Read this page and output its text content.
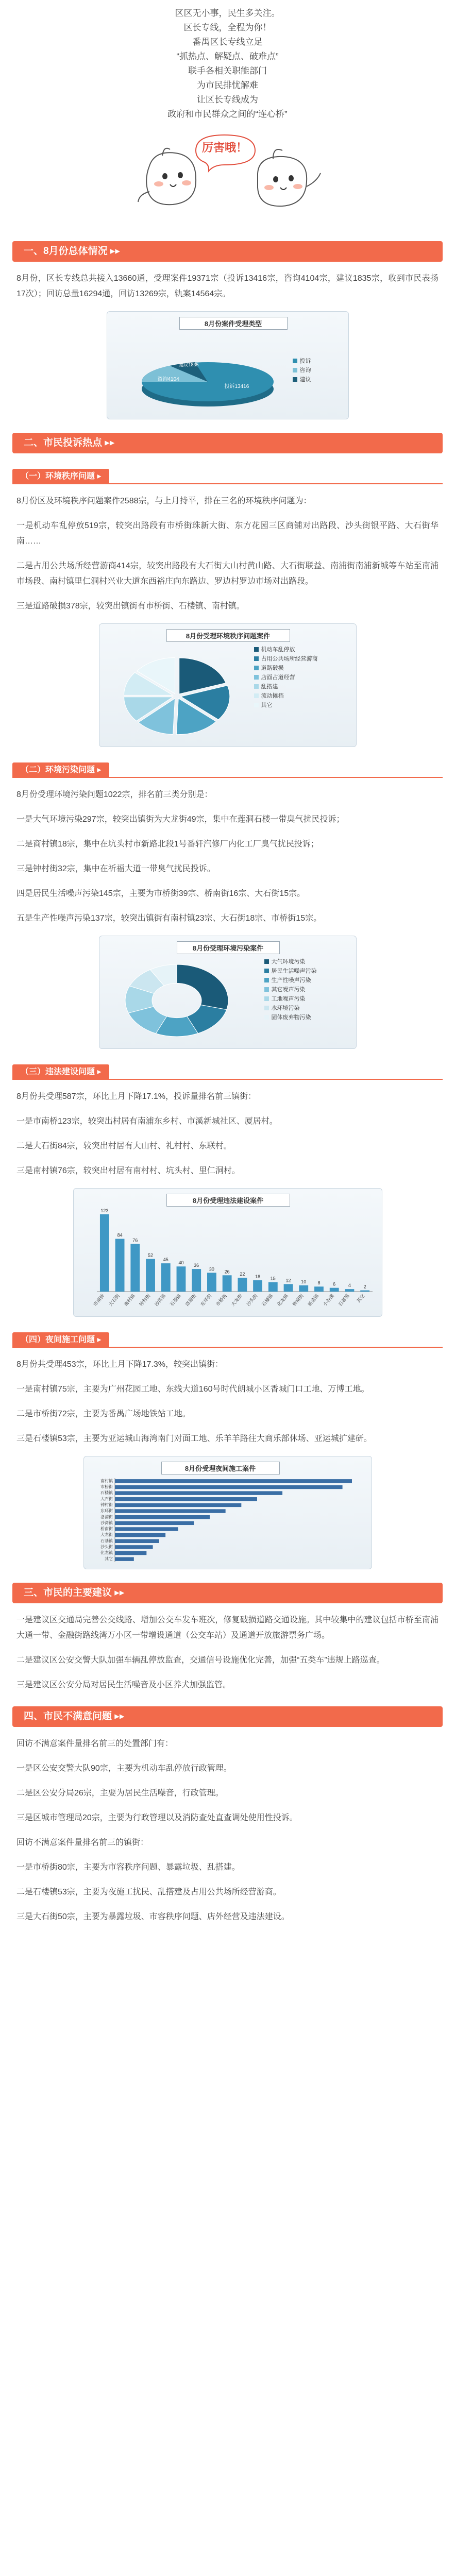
区区无小事，民生多关注。

区长专线，全程为你！

番禺区长专线立足

“抓热点、解疑点、破难点”

联手各相关职能部门

为市民排忧解难

让区长专线成为

政府和市民群众之间的“连心桥”

厉害哦！
一、8月份总体情况 ▸▸

8月份，区长专线总共接入13660通，受理案件19371宗（投诉13416宗，咨询4104宗，建议1835宗，收到市民表扬17次）；回访总量16294通，回访13269宗，轨案14564宗。

8月份案件受理类型
咨询4104
投诉13416
建议1835
投诉
咨询
建议
二、市民投诉热点 ▸▸
（一）环境秩序问题 ▸

8月份区及环境秩序问题案件2588宗，与上月持平，排在三名的环境秩序问题为：

一是机动车乱停放519宗，较突出路段有市桥街珠新大街、东方花园三区商铺对出路段、沙头街银平路、大石街华南……

二是占用公共场所经营游商414宗，较突出路段有大石街大山村黄山路、大石街联益、南浦街南浦新城等车站至南浦市场段、南村镇里仁洞村兴业大道东西裕庄向东路边、罗边村罗边市场对出路段。

三是道路破损378宗，较突出镇街有市桥街、石楼镇、南村镇。

8月份受理环境秩序问题案件
机动车乱停放
占用公共场所经营游商
道路破损
店面占道经营
乱搭建
流动摊档
其它
（二）环境污染问题 ▸

8月份受理环境污染问题1022宗，排名前三类分别是：

一是大气环境污染297宗，较突出镇街为大龙街49宗，集中在莲洞石楼一带臭气扰民投诉；

二是商村镇18宗，集中在坑头村市新路北段1号番轩汽修厂内化工厂臭气扰民投诉；

三是钟村街32宗，集中在祈福大道一带臭气扰民投诉。

四是居民生活噪声污染145宗，主要为市桥街39宗、桥南街16宗、大石街15宗。

五是生产性噪声污染137宗，较突出镇街有南村镇23宗、大石街18宗、市桥街15宗。

8月份受理环境污染案件
大气环境污染
居民生活噪声污染
生产性噪声污染
其它噪声污染
工地噪声污染
水环境污染
固体废弃物污染
（三）违法建设问题 ▸

8月份共受理587宗，环比上月下降17.1%，投诉量排名前三镇街：

一是市南桥123宗，较突出村居有南浦东乡村、市溪新城社区、厦居村。

二是大石街84宗，较突出村居有大山村、礼村村、东联村。

三是南村镇76宗，较突出村居有南村村、坑头村、里仁洞村。

8月份受理违法建设案件
123
市南桥
84
大石街
76
南村镇
52
钟村街
45
沙湾镇
40
石基镇
36
洛浦街
30
东环街
26
市桥街
22
大龙街
18
沙头街
15
石楼镇
12
化龙镇
10
桥南街
8
新造镇
6
小谷围
4
石碁镇
2
其它
（四）夜间施工问题 ▸

8月份共受理453宗，环比上月下降17.3%，较突出镇街：

一是南村镇75宗，主要为广州花园工地、东线大道160号时代朗城小区香城门口工地、万博工地。

二是市桥街72宗，主要为番禺广场地铁站工地。

三是石楼镇53宗，主要为亚运城山海湾南门对面工地、乐羊羊路往大商乐部休场、亚运城扩建研。

8月份受理夜间施工案件
南村镇
市桥街
石楼镇
大石街
钟村街
东环街
洛浦街
沙湾镇
桥南街
大龙街
石基镇
沙头街
化龙镇
其它
三、市民的主要建议 ▸▸

一是建议区交通局完善公交线路、增加公交车发车班次，修复破损道路交通设施。其中较集中的建议包括市桥至南浦大通一带、金融街路线湾万小区一带增设通道（公交车站）及通道开放旅游票务广场。

二是建议区公安交警大队加强车辆乱停放监查，交通信号设施优化完善，加强“五类车”违规上路巡查。

三是建议区公安分局对居民生活噪音及小区养犬加强监管。

四、市民不满意问题 ▸▸

回访不满意案件量排名前三的处置部门有：

一是区公安交警大队90宗，主要为机动车乱停放行政管理。

二是区公安分局26宗，主要为居民生活噪音，行政管理。

三是区城市管理局20宗，主要为行政管理以及消防查处直查调处使用性投诉。

回访不满意案件量排名前三的镇街：

一是市桥街80宗，主要为市容秩序问题、暴露垃圾、乱搭建。

二是石楼镇53宗，主要为夜施工扰民、乱搭建及占用公共场所经营游商。

三是大石街50宗，主要为暴露垃圾、市容秩序问题、店外经营及违法建设。
